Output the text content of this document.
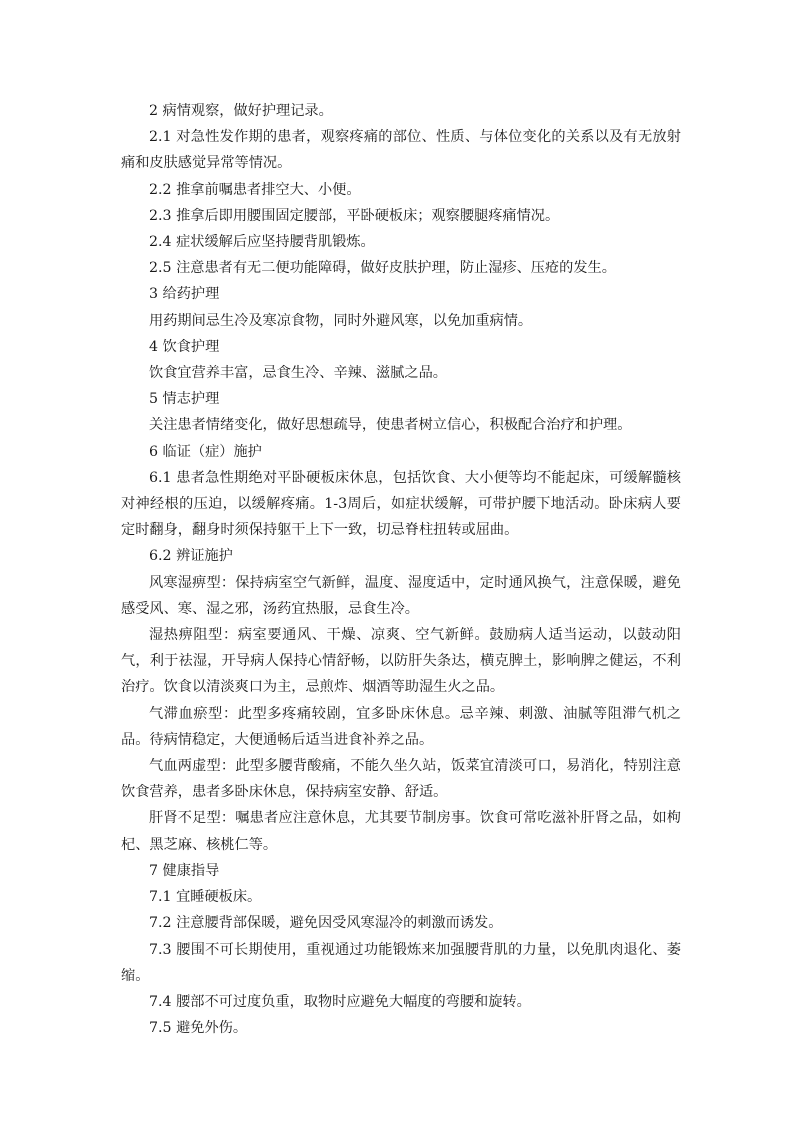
2 病情观察，做好护理记录。

2.1 对急性发作期的患者，观察疼痛的部位、性质、与体位变化的关系以及有无放射痛和皮肤感觉异常等情况。

2.2 推拿前嘱患者排空大、小便。

2.3 推拿后即用腰围固定腰部，平卧硬板床；观察腰腿疼痛情况。

2.4 症状缓解后应坚持腰背肌锻炼。

2.5 注意患者有无二便功能障碍，做好皮肤护理，防止湿疹、压疮的发生。

3 给药护理

用药期间忌生冷及寒凉食物，同时外避风寒，以免加重病情。

4 饮食护理

饮食宜营养丰富，忌食生冷、辛辣、滋腻之品。

5 情志护理

关注患者情绪变化，做好思想疏导，使患者树立信心，积极配合治疗和护理。

6 临证（症）施护

6.1 患者急性期绝对平卧硬板床休息，包括饮食、大小便等均不能起床，可缓解髓核对神经根的压迫，以缓解疼痛。1-3周后，如症状缓解，可带护腰下地活动。卧床病人要定时翻身，翻身时须保持躯干上下一致，切忌脊柱扭转或屈曲。

6.2 辨证施护

风寒湿痹型：保持病室空气新鲜，温度、湿度适中，定时通风换气，注意保暖，避免感受风、寒、湿之邪，汤药宜热服，忌食生冷。

湿热痹阻型：病室要通风、干燥、凉爽、空气新鲜。鼓励病人适当运动，以鼓动阳气，利于祛湿，开导病人保持心情舒畅，以防肝失条达，横克脾土，影响脾之健运，不利治疗。饮食以清淡爽口为主，忌煎炸、烟酒等助湿生火之品。

气滞血瘀型：此型多疼痛较剧，宜多卧床休息。忌辛辣、刺激、油腻等阻滞气机之品。待病情稳定，大便通畅后适当进食补养之品。

气血两虚型：此型多腰背酸痛，不能久坐久站，饭菜宜清淡可口，易消化，特别注意饮食营养，患者多卧床休息，保持病室安静、舒适。

肝肾不足型：嘱患者应注意休息，尤其要节制房事。饮食可常吃滋补肝肾之品，如枸杞、黑芝麻、核桃仁等。

7 健康指导

7.1 宜睡硬板床。

7.2 注意腰背部保暖，避免因受风寒湿冷的刺激而诱发。

7.3 腰围不可长期使用，重视通过功能锻炼来加强腰背肌的力量，以免肌肉退化、萎缩。

7.4 腰部不可过度负重，取物时应避免大幅度的弯腰和旋转。

7.5 避免外伤。
